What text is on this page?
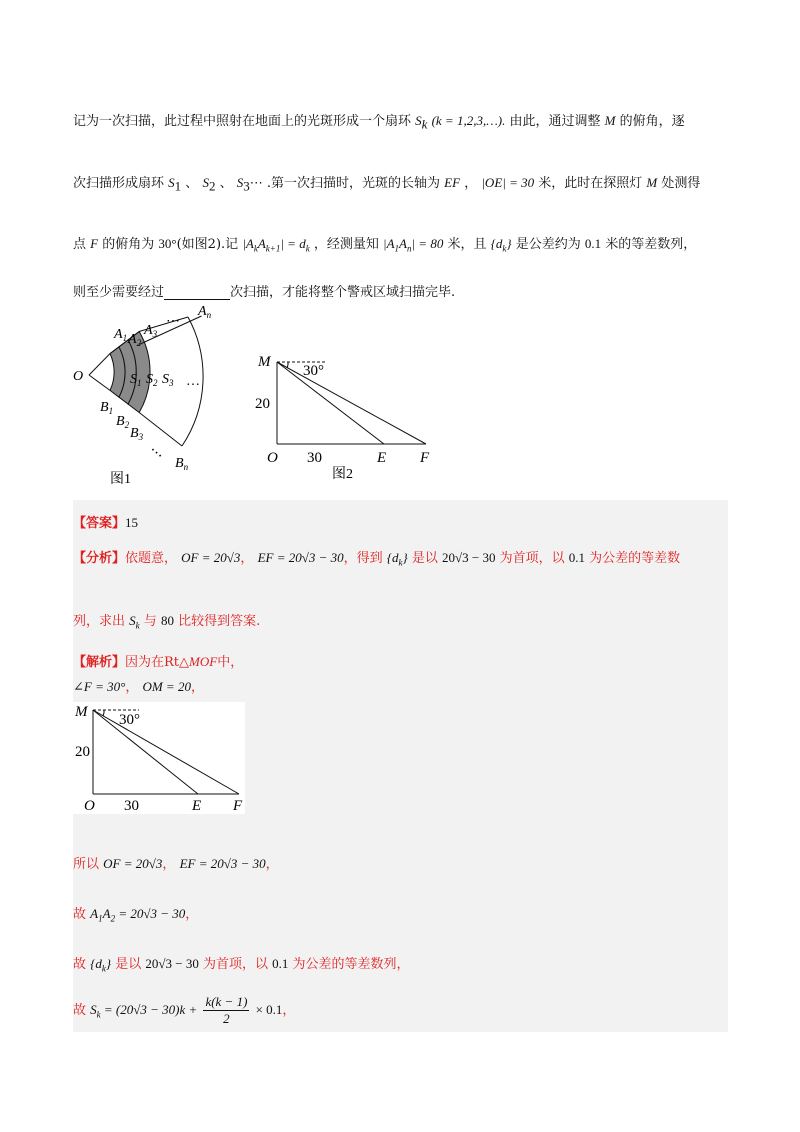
记为一次扫描，此过程中照射在地面上的光斑形成一个扇环 $S_k$ (k = 1,2,3,…). 由此，通过调整 M 的俯角，逐
次扫描形成扇环 $S_1$ 、 $S_2$ 、 $S_3\cdots$ .第一次扫描时，光斑的长轴为 EF ， |OE| = 30 米，此时在探照灯 M 处测得
点 F 的俯角为 30°(如图2).记 $|A_kA_{k+1}| = d_k$ ，经测量知 $|A_1A_n| = 80$ 米，且 $\{d_k\}$ 是公差约为 0.1 米的等差数列，
则至少需要经过	次扫描，才能将整个警戒区域扫描完毕.
O
$A_1$ $A_2$
$A_3$
⋯
$A_n$
$S_1$ $S_2$ $S_3$ …
$B_1$
$B_2$
$B_3$
⋯ $B_n$
图1
M
30°
20
O 30	E F
图2
【答案】15
【分析】依题意， OF = 20√3， EF = 20√3 − 30，得到 $\{d_k\}$ 是以 20√3 − 30 为首项，以 0.1 为公差的等差数
列，求出 $S_k$ 与 80 比较得到答案.
【解析】因为在Rt△MOF中，
∠F = 30°， OM = 20，
M 30°
20
O 30	E F
所以 OF = 20√3， EF = 20√3 − 30，
故 $A_1A_2 = 20√3 - 30$，
故 $\{d_k\}$ 是以 20√3 − 30 为首项，以 0.1 为公差的等差数列，
故 $S_k = (20√3 - 30)k + \frac{k(k - 1)}{2} \times 0.1$，
